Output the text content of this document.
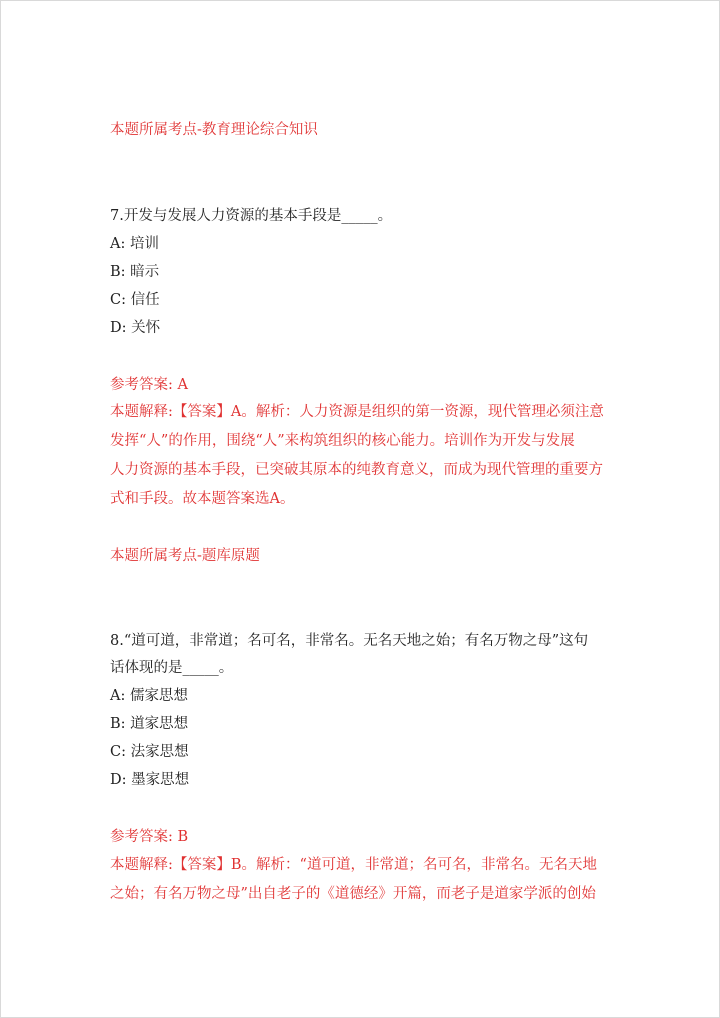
本题所属考点-教育理论综合知识
7.开发与发展人力资源的基本手段是_____。
A: 培训
B: 暗示
C: 信任
D: 关怀
参考答案: A
本题解释:【答案】A。解析：人力资源是组织的第一资源，现代管理必须注意
发挥“人”的作用，围绕“人”来构筑组织的核心能力。培训作为开发与发展
人力资源的基本手段，已突破其原本的纯教育意义，而成为现代管理的重要方
式和手段。故本题答案选A。
本题所属考点-题库原题
8.“道可道，非常道；名可名，非常名。无名天地之始；有名万物之母”这句
话体现的是_____。
A: 儒家思想
B: 道家思想
C: 法家思想
D: 墨家思想
参考答案: B
本题解释:【答案】B。解析：“道可道，非常道；名可名，非常名。无名天地
之始；有名万物之母”出自老子的《道德经》开篇，而老子是道家学派的创始
